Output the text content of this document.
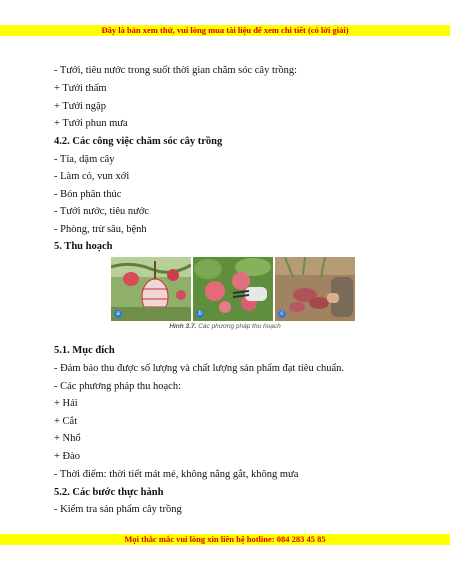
Đây là bản xem thử, vui lòng mua tài liệu để xem chi tiết (có lời giải)
- Tưới, tiêu nước trong suốt thời gian chăm sóc cây trồng:
+ Tưới thấm
+ Tưới ngập
+ Tưới phun mưa
4.2. Các công việc chăm sóc cây trồng
- Tỉa, dặm cây
- Làm cỏ, vun xới
- Bón phân thúc
- Tưới nước, tiêu nước
- Phòng, trừ sâu, bệnh
5. Thu hoạch
a	b	c
Hình 3.7. Các phương pháp thu hoạch
5.1. Mục đích
- Đảm bảo thu được số lượng và chất lượng sản phẩm đạt tiêu chuẩn.
- Các phương pháp thu hoạch:
+ Hái
+ Cắt
+ Nhổ
+ Đào
- Thời điểm: thời tiết mát mẻ, không nắng gắt, không mưa
5.2. Các bước thực hành
- Kiểm tra sản phẩm cây trồng
Mọi thắc mắc vui lòng xin liên hệ hotline: 084 283 45 85
